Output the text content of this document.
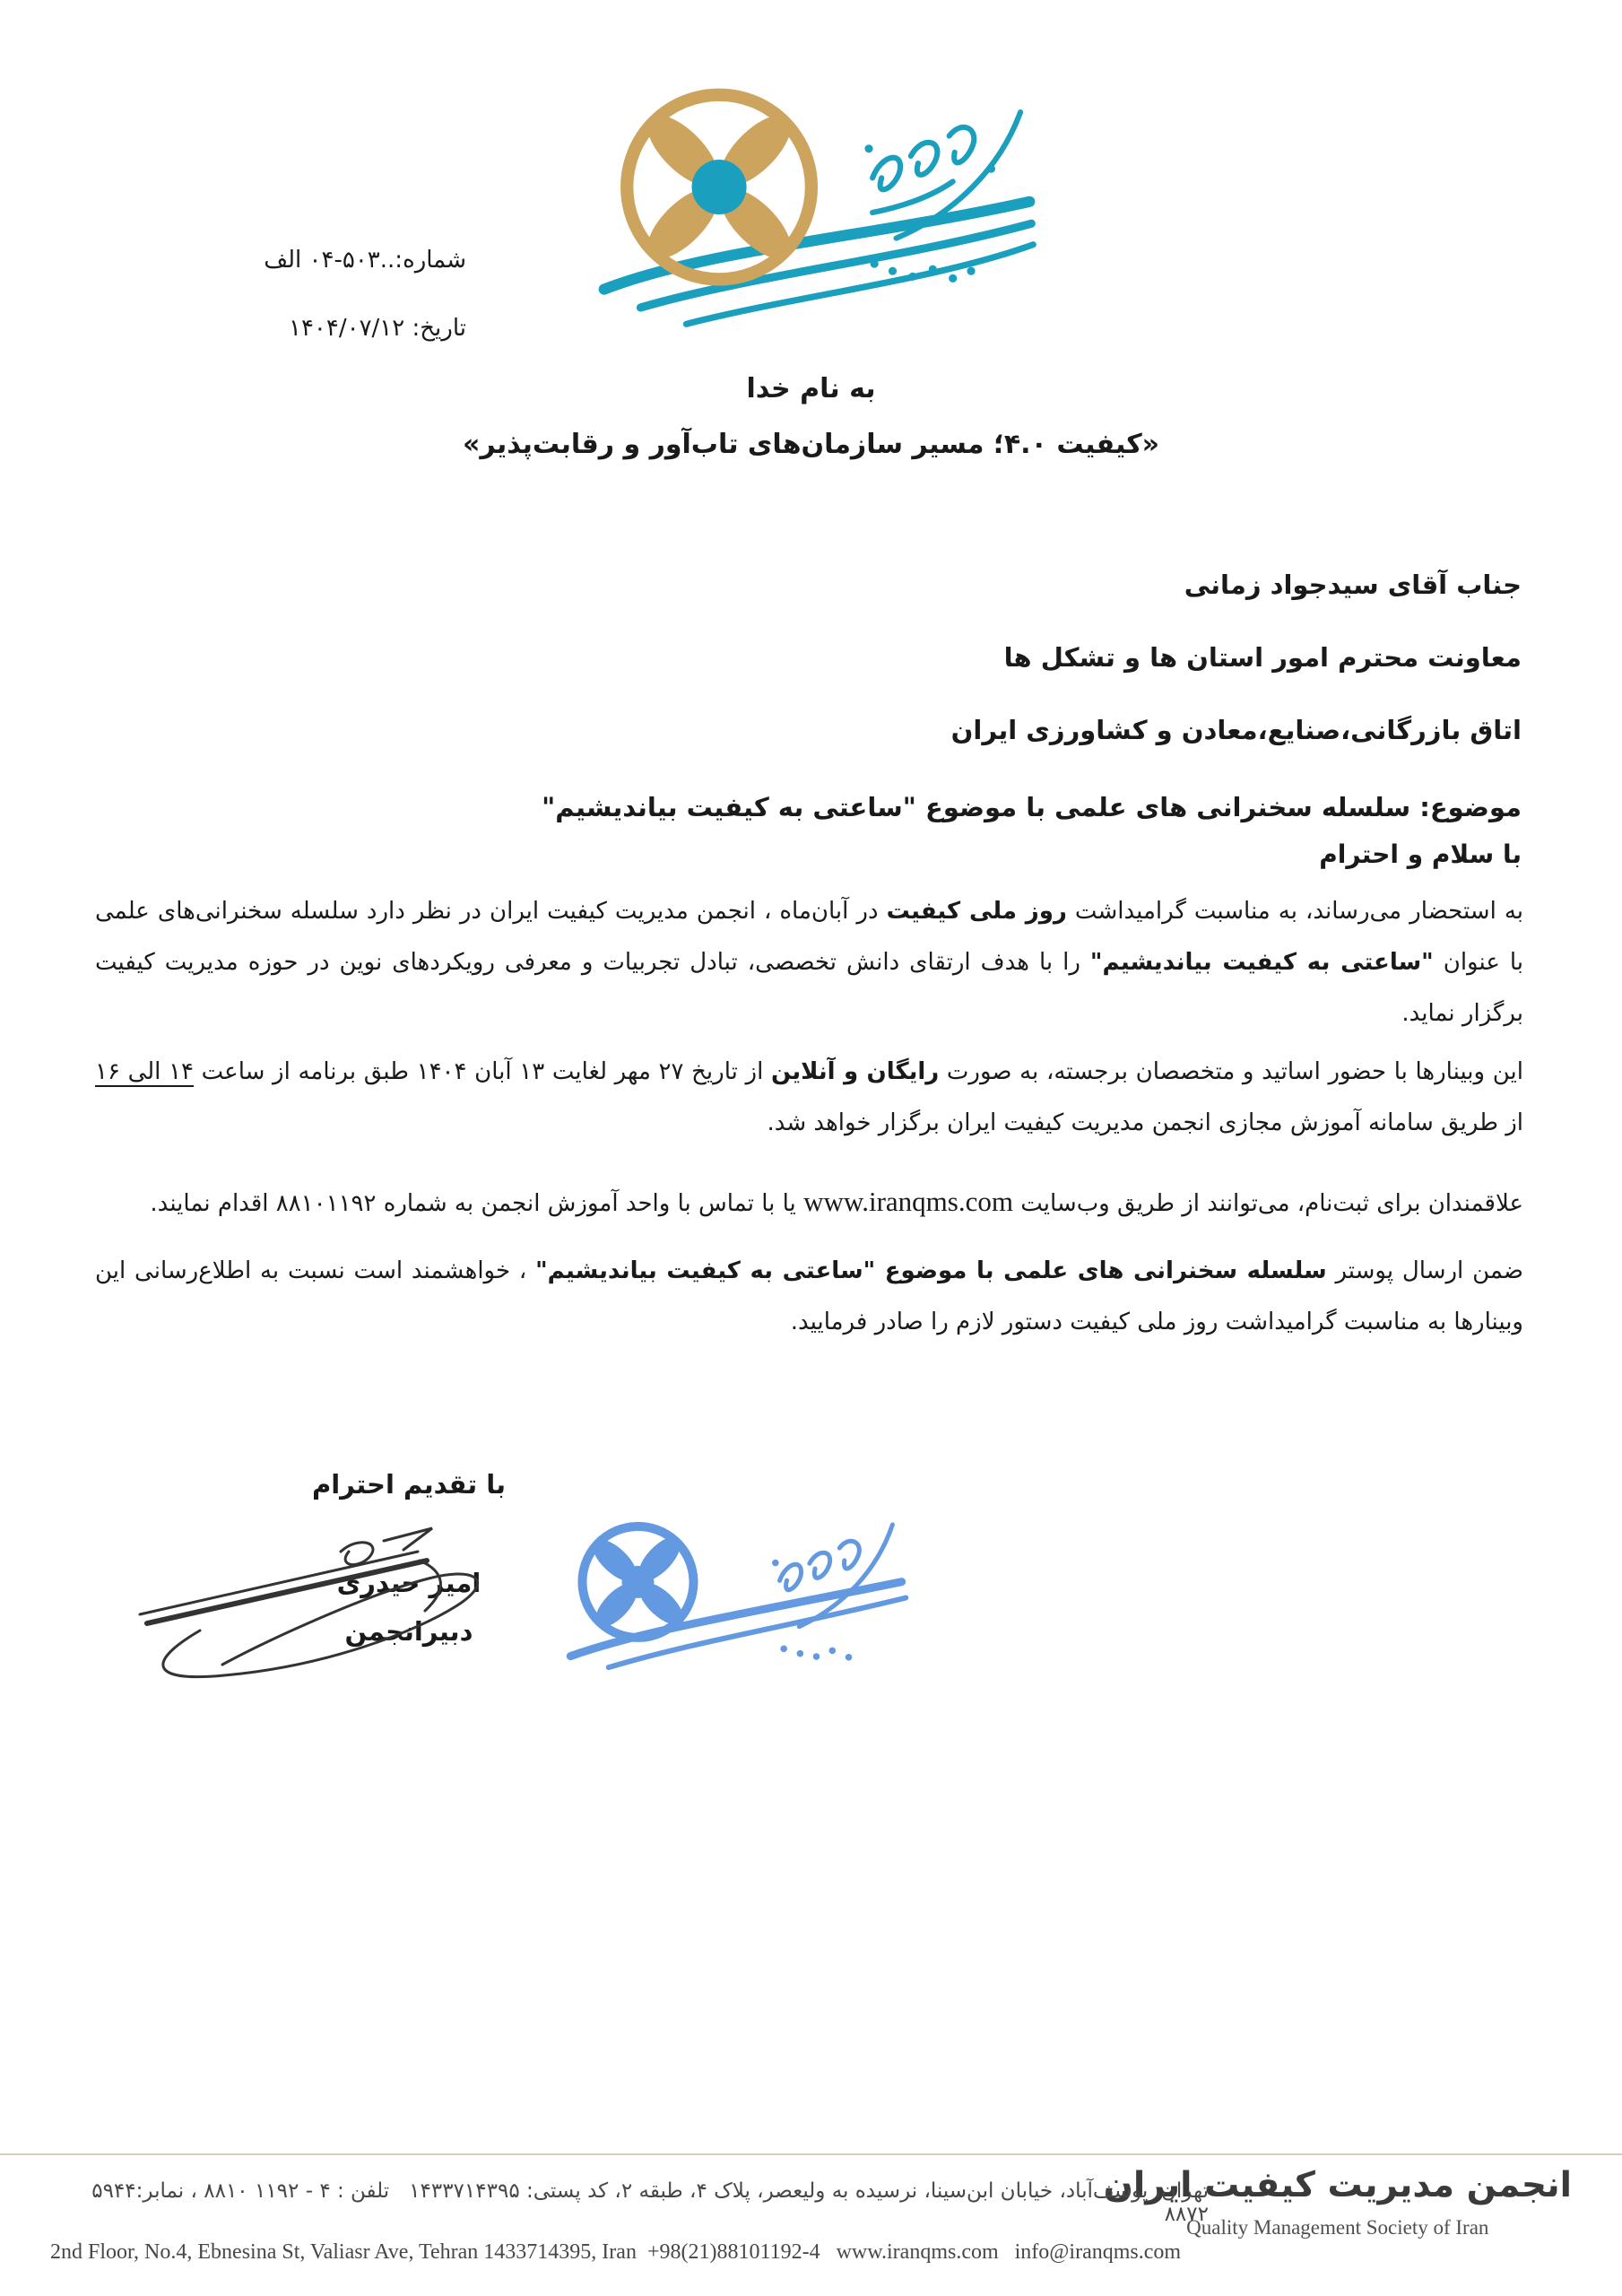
شماره:..۵۰۳-۰۴ الف
تاریخ: ۱۴۰۴/۰۷/۱۲
به نام خدا
«کیفیت ۴.۰؛ مسیر سازمان‌های تاب‌آور و رقابت‌پذیر»
جناب آقای سیدجواد زمانی
معاونت محترم امور استان ها و تشکل ها
اتاق بازرگانی،صنایع،معادن و کشاورزی ایران
موضوع: سلسله سخنرانی های علمی با موضوع "ساعتی به کیفیت بیاندیشیم"
با سلام و احترام

به استحضار می‌رساند، به مناسبت گرامیداشت روز ملی کیفیت در آبان‌ماه ، انجمن مدیریت کیفیت ایران در نظر دارد سلسله سخنرانی‌های علمی با عنوان "ساعتی به کیفیت بیاندیشیم" را با هدف ارتقای دانش تخصصی، تبادل تجربیات و معرفی رویکردهای نوین در حوزه مدیریت کیفیت برگزار نماید.

این وبینارها با حضور اساتید و متخصصان برجسته، به صورت رایگان و آنلاین از تاریخ ۲۷ مهر لغایت ۱۳ آبان ۱۴۰۴ طبق برنامه از ساعت ۱۴ الی ۱۶ از طریق سامانه آموزش مجازی انجمن مدیریت کیفیت ایران برگزار خواهد شد.

علاقمندان برای ثبت‌نام، می‌توانند از طریق وب‌سایت www.iranqms.com یا با تماس با واحد آموزش انجمن به شماره ۸۸۱۰۱۱۹۲ اقدام نمایند.

ضمن ارسال پوستر سلسله سخنرانی های علمی با موضوع "ساعتی به کیفیت بیاندیشیم" ، خواهشمند است نسبت به اطلاع‌رسانی این وبینارها به مناسبت گرامیداشت روز ملی کیفیت دستور لازم را صادر فرمایید.

با تقدیم احترام
امیر حیدری
دبیرانجمن
انجمن مدیریت کیفیت ایران
Quality Management Society of Iran
تهران، یوسف‌آباد، خیابان ابن‌سینا، نرسیده به ولیعصر، پلاک ۴، طبقه ۲، کد پستی: ۱۴۳۳۷۱۴۳۹۵   تلفن : ۴ - ۱۱۹۲ ۸۸۱۰ ، نمابر:۵۹۴۴ ۸۸۷۲
2nd Floor, No.4, Ebnesina St, Valiasr Ave, Tehran 1433714395, Iran  +98(21)88101192-4   www.iranqms.com   info@iranqms.com
